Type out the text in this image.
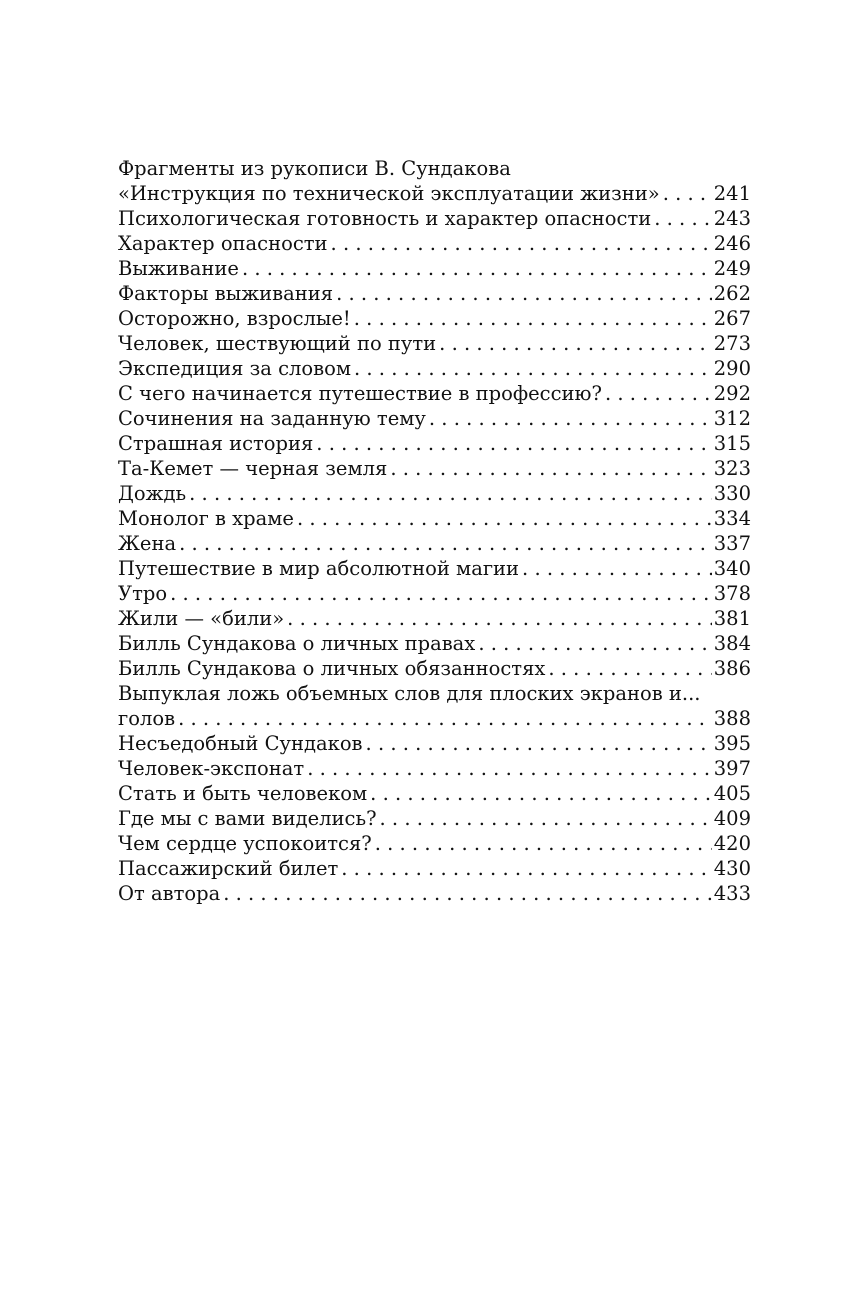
Фрагменты из рукописи В. Сундакова
«Инструкция по технической эксплуатации жизни» . . .	241
Психологическая готовность и характер опасности . . .	243
Характер опасности . . .	246
Выживание . . .	249
Факторы выживания . . .	262
Осторожно, взрослые! . . .	267
Человек, шествующий по пути . . .	273
Экспедиция за словом . . .	290
С чего начинается путешествие в профессию? . . .	292
Сочинения на заданную тему . . .	312
Страшная история . . .	315
Та-Кемет — черная земля . . .	323
Дождь . . .	330
Монолог в храме . . .	334
Жена . . .	337
Путешествие в мир абсолютной магии . . .	340
Утро . . .	378
Жили — «били» . . .	381
Билль Сундакова о личных правах . . .	384
Билль Сундакова о личных обязанностях . . .	386
Выпуклая ложь объемных слов для плоских экранов и...
голов . . .	388
Несъедобный Сундаков . . .	395
Человек-экспонат . . .	397
Стать и быть человеком . . .	405
Где мы с вами виделись? . . .	409
Чем сердце успокоится? . . .	420
Пассажирский билет . . .	430
От автора . . .	433
